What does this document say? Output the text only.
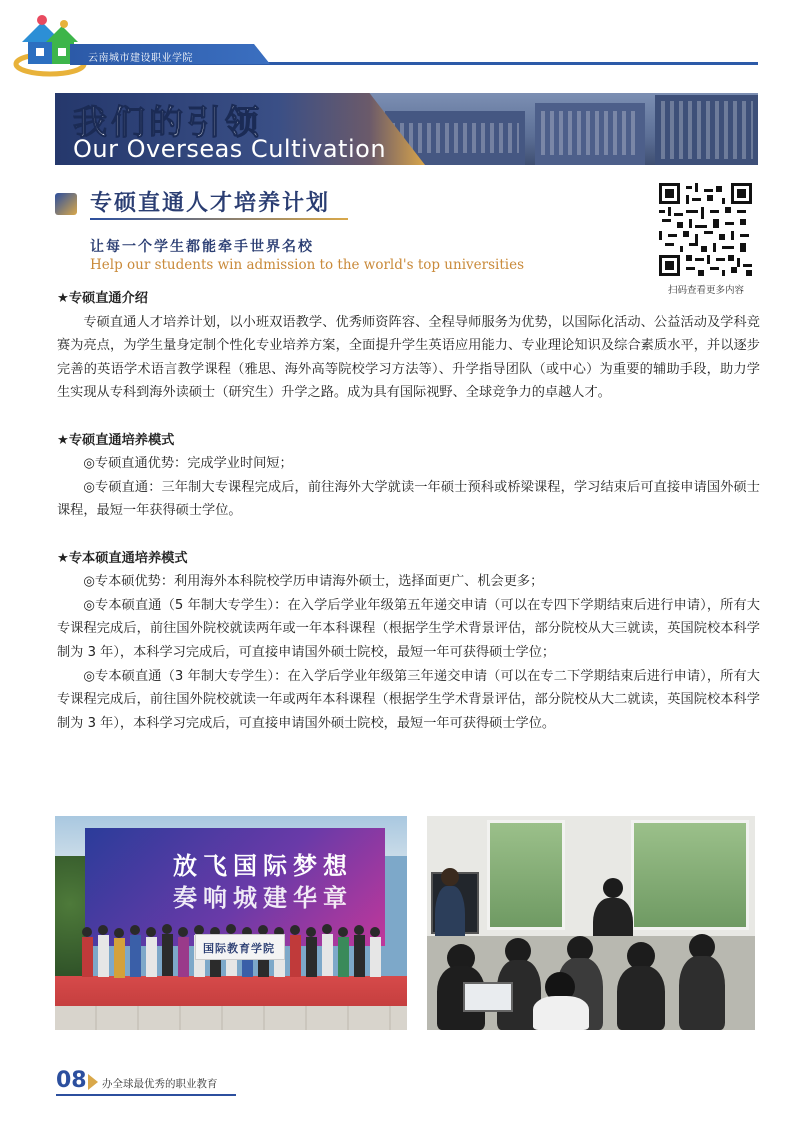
云南城市建设职业学院
我们的引领
Our Overseas Cultivation
专硕直通人才培养计划
让每一个学生都能牵手世界名校
Help our students win admission to the world's top universities
扫码查看更多内容

★专硕直通介绍

专硕直通人才培养计划，以小班双语教学、优秀师资阵容、全程导师服务为优势，以国际化活动、公益活动及学科竞赛为亮点，为学生量身定制个性化专业培养方案，全面提升学生英语应用能力、专业理论知识及综合素质水平，并以逐步完善的英语学术语言教学课程（雅思、海外高等院校学习方法等）、升学指导团队（或中心）为重要的辅助手段，助力学生实现从专科到海外读硕士（研究生）升学之路。成为具有国际视野、全球竞争力的卓越人才。

★专硕直通培养模式

◎专硕直通优势：完成学业时间短；

◎专硕直通：三年制大专课程完成后，前往海外大学就读一年硕士预科或桥梁课程，学习结束后可直接申请国外硕士课程，最短一年获得硕士学位。

★专本硕直通培养模式

◎专本硕优势：利用海外本科院校学历申请海外硕士，选择面更广、机会更多；

◎专本硕直通（5 年制大专学生）：在入学后学业年级第五年递交申请（可以在专四下学期结束后进行申请），所有大专课程完成后，前往国外院校就读两年或一年本科课程（根据学生学术背景评估，部分院校从大三就读，英国院校本科学制为 3 年），本科学习完成后，可直接申请国外硕士院校，最短一年可获得硕士学位；

◎专本硕直通（3 年制大专学生）：在入学后学业年级第三年递交申请（可以在专二下学期结束后进行申请），所有大专课程完成后，前往国外院校就读一年或两年本科课程（根据学生学术背景评估，部分院校从大二就读，英国院校本科学制为 3 年），本科学习完成后，可直接申请国外硕士院校，最短一年可获得硕士学位。

放飞国际梦想
奏响城建华章
国际教育学院
08 办全球最优秀的职业教育
